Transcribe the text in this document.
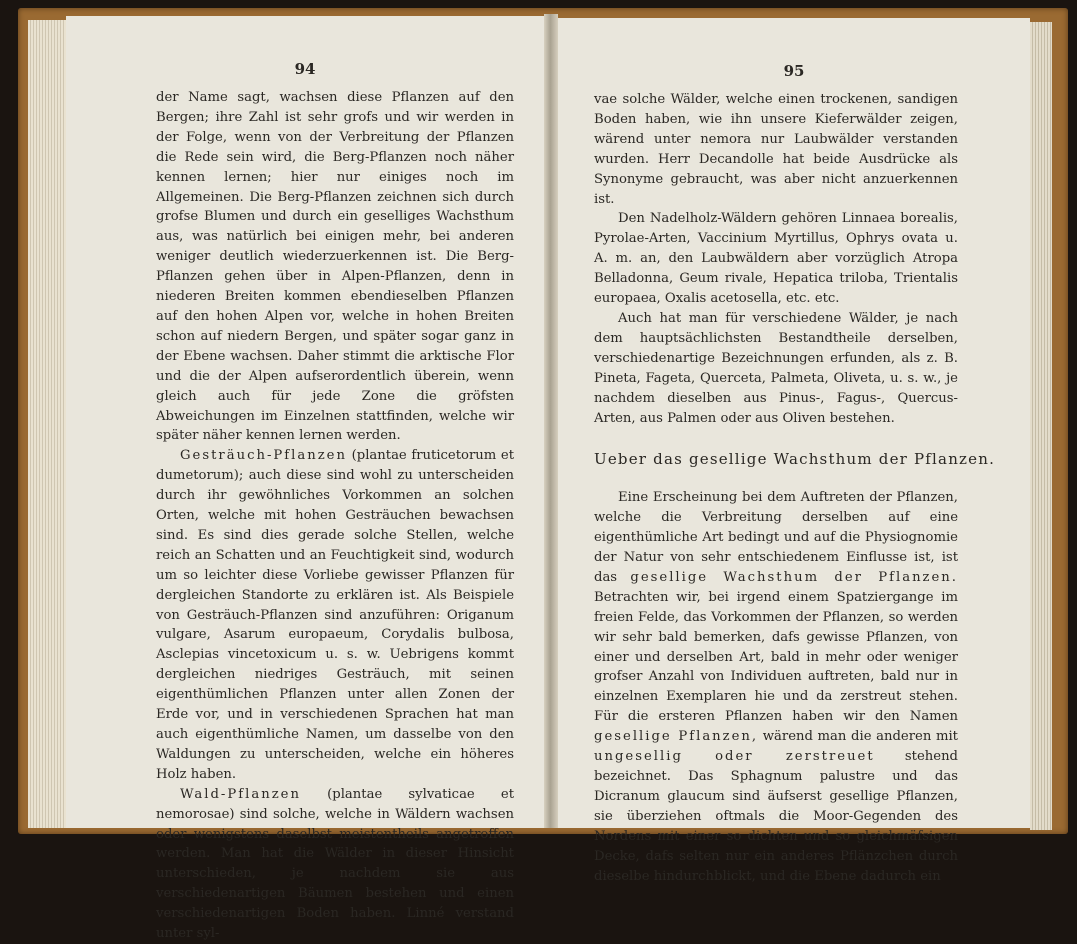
94

der Name sagt, wachsen diese Pflanzen auf den Bergen; ihre Zahl ist sehr grofs und wir werden in der Folge, wenn von der Verbreitung der Pflanzen die Rede sein wird, die Berg-Pflanzen noch näher kennen lernen; hier nur einiges noch im Allgemeinen. Die Berg-Pflanzen zeichnen sich durch grofse Blumen und durch ein geselliges Wachsthum aus, was natürlich bei einigen mehr, bei anderen weniger deutlich wiederzuerkennen ist. Die Berg-Pflanzen gehen über in Alpen-Pflanzen, denn in niederen Breiten kommen ebendieselben Pflanzen auf den hohen Alpen vor, welche in hohen Breiten schon auf niedern Bergen, und später sogar ganz in der Ebene wachsen. Daher stimmt die arktische Flor und die der Alpen aufserordentlich überein, wenn gleich auch für jede Zone die gröfsten Abweichungen im Einzelnen stattfinden, welche wir später näher kennen lernen werden.

Gesträuch-Pflanzen (plantae fruticetorum et dumetorum); auch diese sind wohl zu unterscheiden durch ihr gewöhnliches Vorkommen an solchen Orten, welche mit hohen Gesträuchen bewachsen sind. Es sind dies gerade solche Stellen, welche reich an Schatten und an Feuchtigkeit sind, wodurch um so leichter diese Vorliebe gewisser Pflanzen für dergleichen Standorte zu erklären ist. Als Beispiele von Gesträuch-Pflanzen sind anzuführen: Origanum vulgare, Asarum europaeum, Corydalis bulbosa, Asclepias vincetoxicum u. s. w. Uebrigens kommt dergleichen niedriges Gesträuch, mit seinen eigenthümlichen Pflanzen unter allen Zonen der Erde vor, und in verschiedenen Sprachen hat man auch eigenthümliche Namen, um dasselbe von den Waldungen zu unterscheiden, welche ein höheres Holz haben.

Wald-Pflanzen (plantae sylvaticae et nemorosae) sind solche, welche in Wäldern wachsen oder wenigstens daselbst meistentheils angetroffen werden. Man hat die Wälder in dieser Hinsicht unterschieden, je nachdem sie aus verschiedenartigen Bäumen bestehen und einen verschiedenartigen Boden haben. Linné verstand unter syl-

95

vae solche Wälder, welche einen trockenen, sandigen Boden haben, wie ihn unsere Kieferwälder zeigen, wärend unter nemora nur Laubwälder verstanden wurden. Herr Decandolle hat beide Ausdrücke als Synonyme gebraucht, was aber nicht anzuerkennen ist.

Den Nadelholz-Wäldern gehören Linnaea borealis, Pyrolae-Arten, Vaccinium Myrtillus, Ophrys ovata u. A. m. an, den Laubwäldern aber vorzüglich Atropa Belladonna, Geum rivale, Hepatica triloba, Trientalis europaea, Oxalis acetosella, etc. etc.

Auch hat man für verschiedene Wälder, je nach dem hauptsächlichsten Bestandtheile derselben, verschiedenartige Bezeichnungen erfunden, als z. B. Pineta, Fageta, Querceta, Palmeta, Oliveta, u. s. w., je nachdem dieselben aus Pinus-, Fagus-, Quercus-Arten, aus Palmen oder aus Oliven bestehen.

Ueber das gesellige Wachsthum der Pflanzen.

Eine Erscheinung bei dem Auftreten der Pflanzen, welche die Verbreitung derselben auf eine eigenthümliche Art bedingt und auf die Physiognomie der Natur von sehr entschiedenem Einflusse ist, ist das gesellige Wachsthum der Pflanzen. Betrachten wir, bei irgend einem Spatziergange im freien Felde, das Vorkommen der Pflanzen, so werden wir sehr bald bemerken, dafs gewisse Pflanzen, von einer und derselben Art, bald in mehr oder weniger grofser Anzahl von Individuen auftreten, bald nur in einzelnen Exemplaren hie und da zerstreut stehen. Für die ersteren Pflanzen haben wir den Namen gesellige Pflanzen, wärend man die anderen mit ungesellig oder zerstreuet stehend bezeichnet. Das Sphagnum palustre und das Dicranum glaucum sind äufserst gesellige Pflanzen, sie überziehen oftmals die Moor-Gegenden des Nordens mit einer so dichten und so gleichmäfsigen Decke, dafs selten nur ein anderes Pflänzchen durch dieselbe hindurchblickt, und die Ebene dadurch ein
